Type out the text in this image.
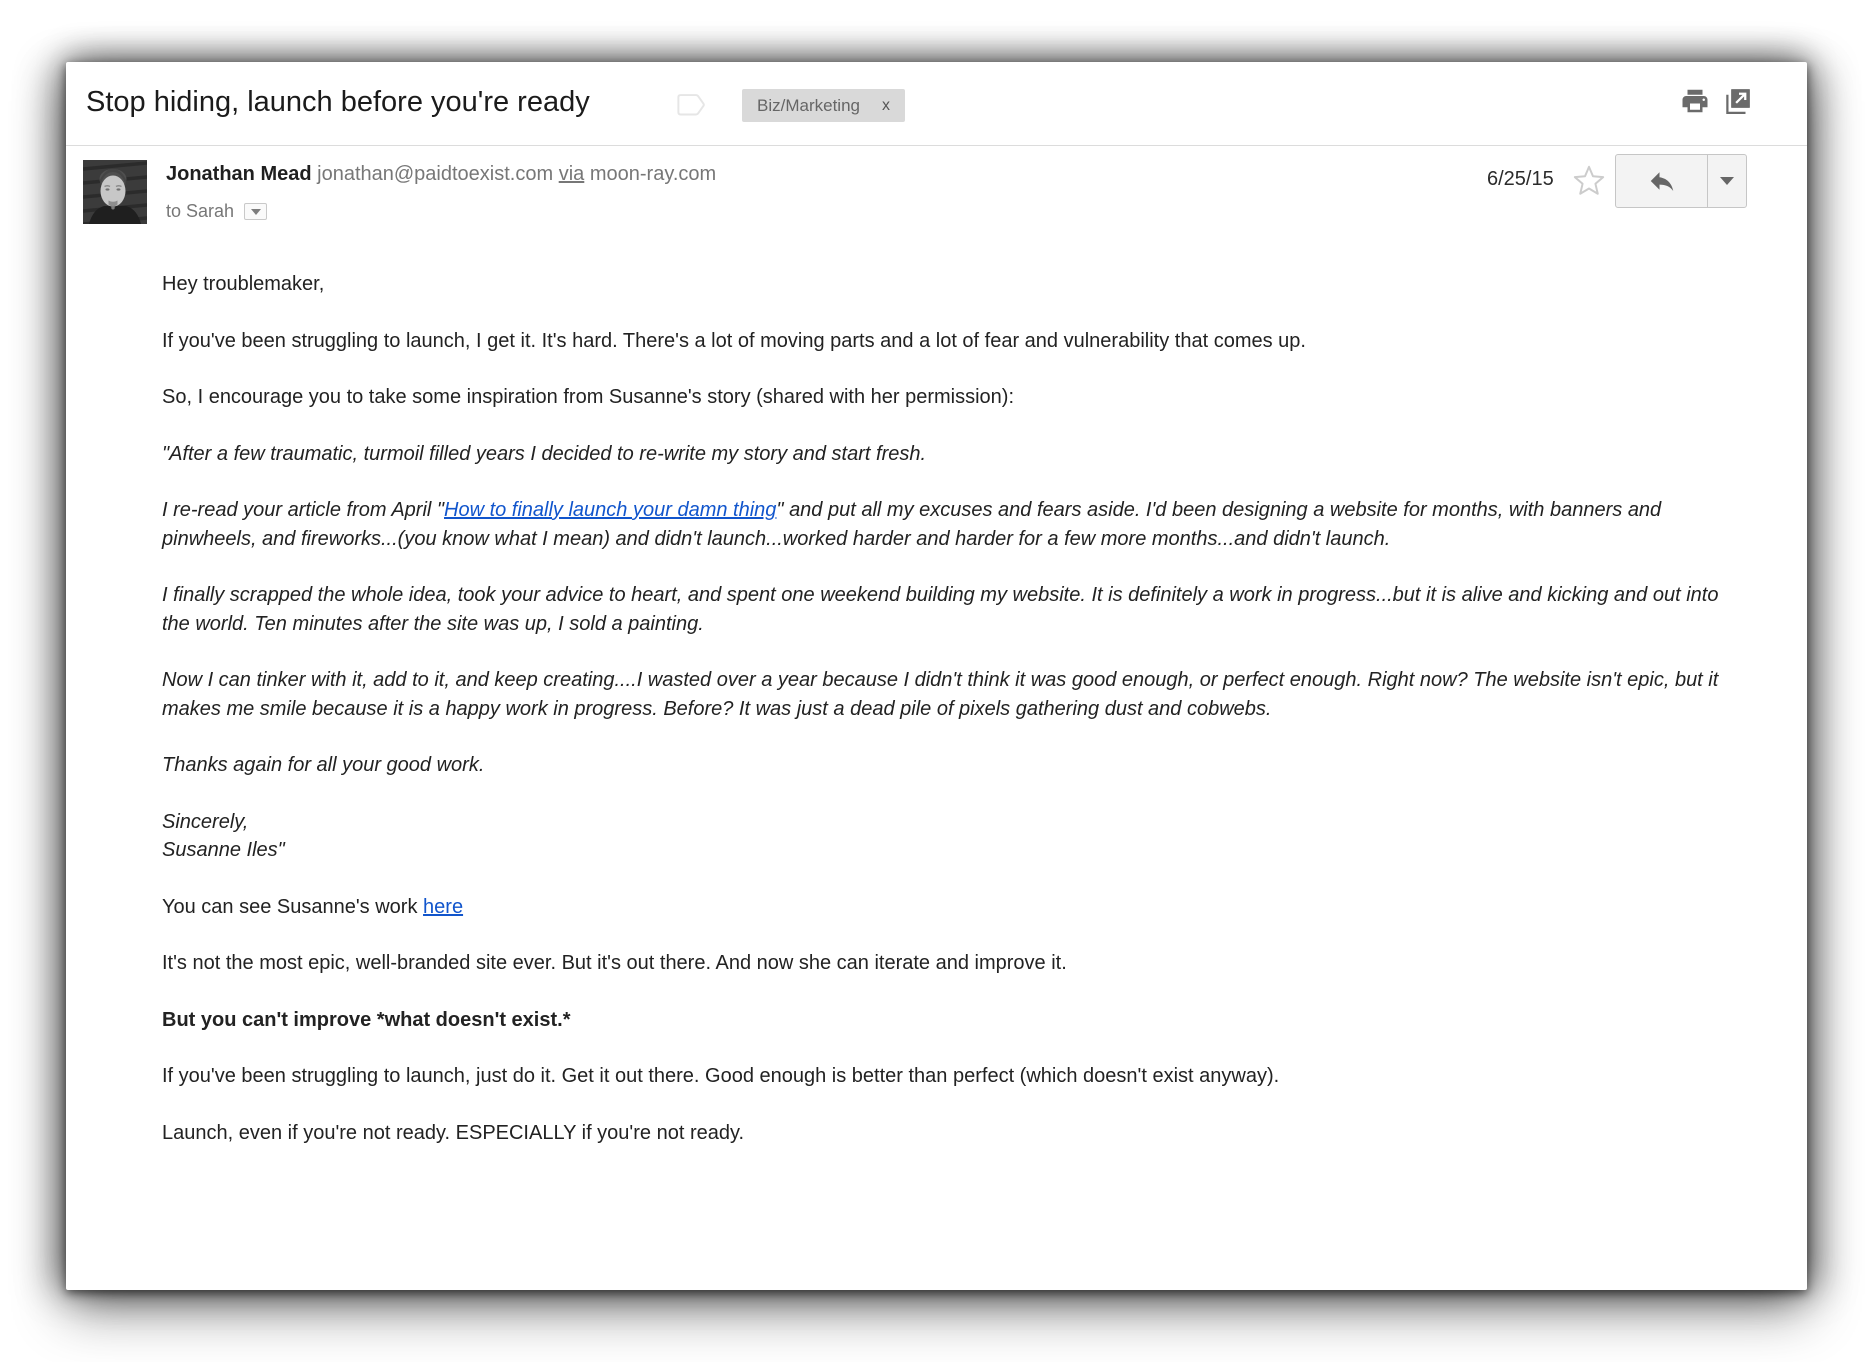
Stop hiding, launch before you're ready	Biz/Marketing x
Jonathan Mead jonathan@paidtoexist.com via moon-ray.com
to Sarah
6/25/15

Hey troublemaker,

If you've been struggling to launch, I get it. It's hard. There's a lot of moving parts and a lot of fear and vulnerability that comes up.

So, I encourage you to take some inspiration from Susanne's story (shared with her permission):

"After a few traumatic, turmoil filled years I decided to re-write my story and start fresh.

I re-read your article from April "How to finally launch your damn thing" and put all my excuses and fears aside. I'd been designing a website for months, with banners and pinwheels, and fireworks...(you know what I mean) and didn't launch...worked harder and harder for a few more months...and didn't launch.

I finally scrapped the whole idea, took your advice to heart, and spent one weekend building my website. It is definitely a work in progress...but it is alive and kicking and out into the world. Ten minutes after the site was up, I sold a painting.

Now I can tinker with it, add to it, and keep creating....I wasted over a year because I didn't think it was good enough, or perfect enough. Right now? The website isn't epic, but it makes me smile because it is a happy work in progress. Before? It was just a dead pile of pixels gathering dust and cobwebs.

Thanks again for all your good work.

Sincerely,
Susanne Iles"

You can see Susanne's work here

It's not the most epic, well-branded site ever. But it's out there. And now she can iterate and improve it.

But you can't improve *what doesn't exist.*

If you've been struggling to launch, just do it. Get it out there. Good enough is better than perfect (which doesn't exist anyway).

Launch, even if you're not ready. ESPECIALLY if you're not ready.
